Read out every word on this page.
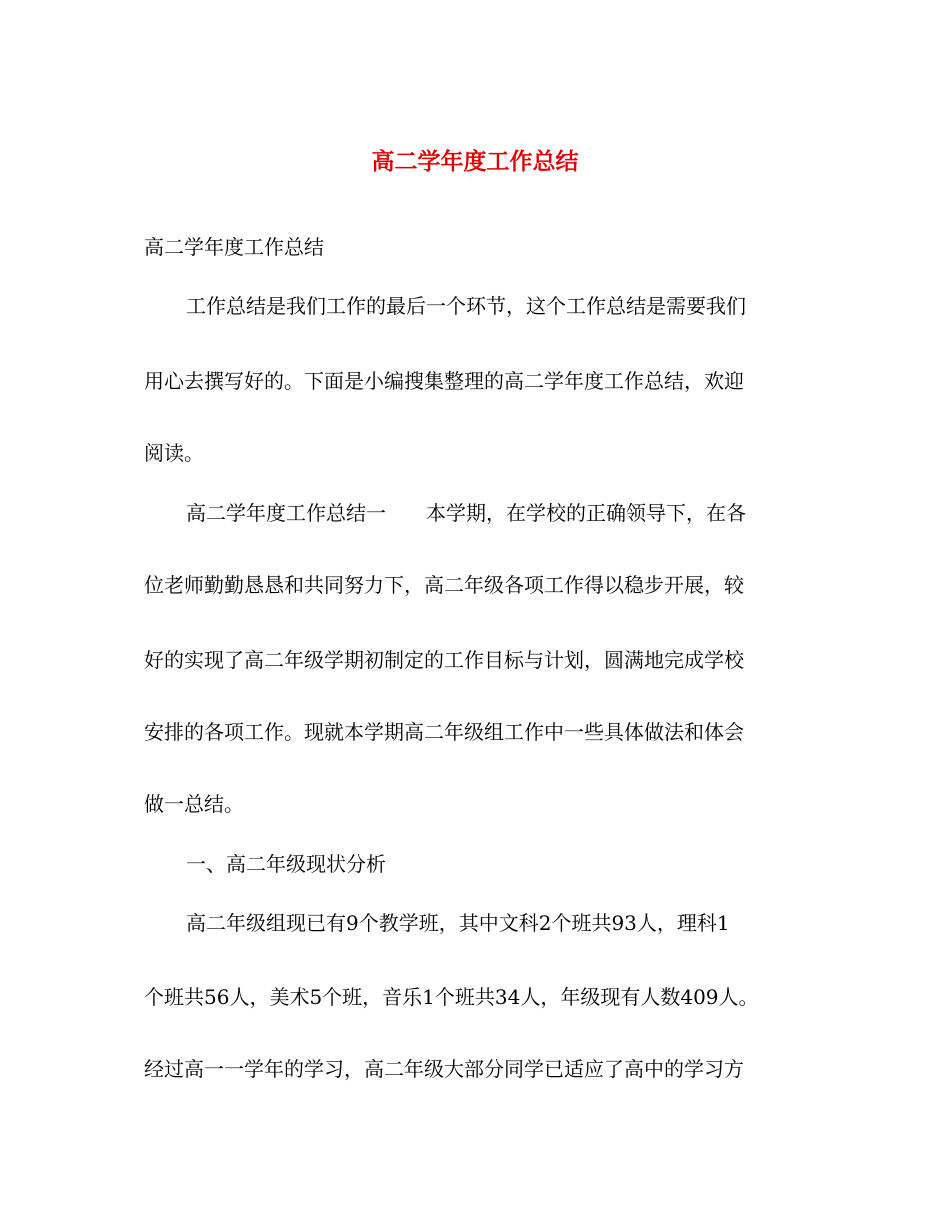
高二学年度工作总结

高二学年度工作总结

工作总结是我们工作的最后一个环节，这个工作总结是需要我们

用心去撰写好的。下面是小编搜集整理的高二学年度工作总结，欢迎

阅读。

高二学年度工作总结一　　本学期，在学校的正确领导下，在各

位老师勤勤恳恳和共同努力下，高二年级各项工作得以稳步开展，较

好的实现了高二年级学期初制定的工作目标与计划，圆满地完成学校

安排的各项工作。现就本学期高二年级组工作中一些具体做法和体会

做一总结。

一、高二年级现状分析

高二年级组现已有9个教学班，其中文科2个班共93人，理科1

个班共56人，美术5个班，音乐1个班共34人，年级现有人数409人。

经过高一一学年的学习，高二年级大部分同学已适应了高中的学习方
